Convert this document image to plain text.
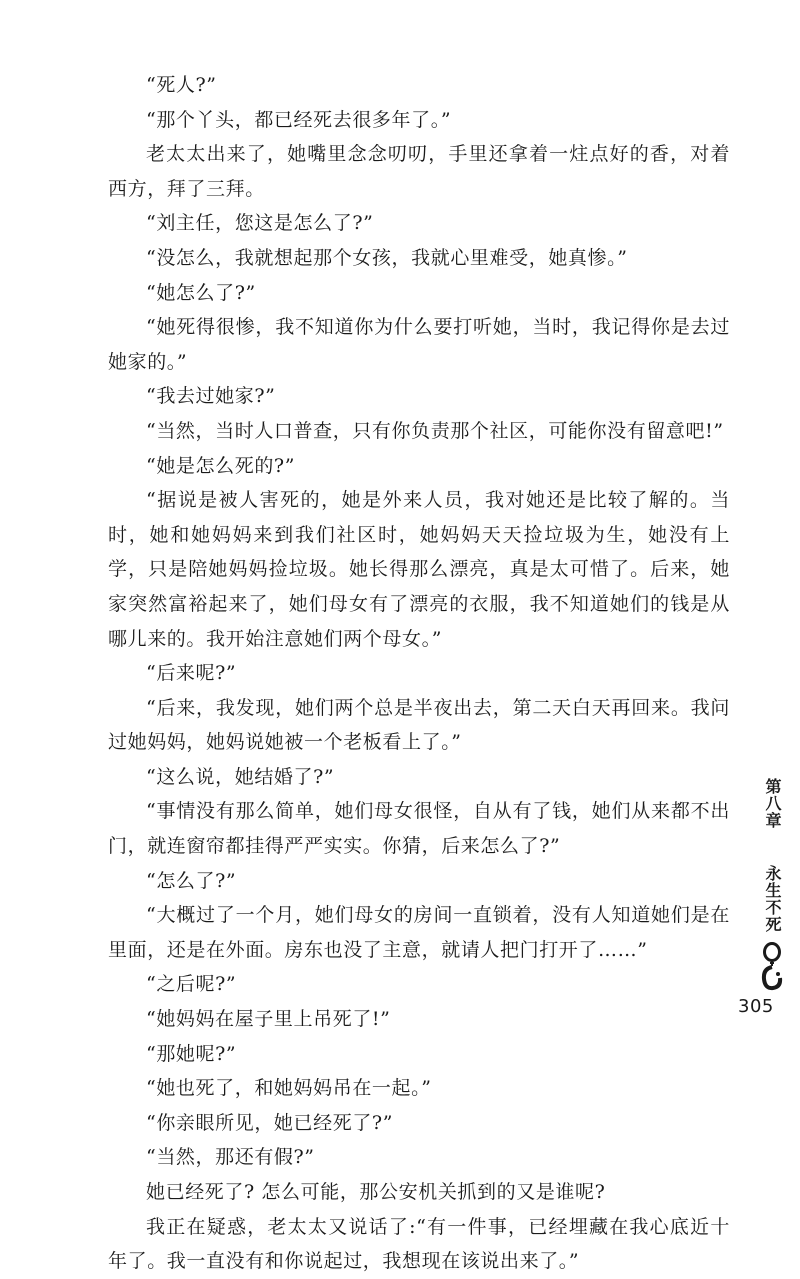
“死人?”

“那个丫头，都已经死去很多年了。”

老太太出来了，她嘴里念念叨叨，手里还拿着一炷点好的香，对着西方，拜了三拜。

“刘主任，您这是怎么了?”

“没怎么，我就想起那个女孩，我就心里难受，她真惨。”

“她怎么了?”

“她死得很惨，我不知道你为什么要打听她，当时，我记得你是去过她家的。”

“我去过她家?”

“当然，当时人口普查，只有你负责那个社区，可能你没有留意吧!”

“她是怎么死的?”

“据说是被人害死的，她是外来人员，我对她还是比较了解的。当时，她和她妈妈来到我们社区时，她妈妈天天捡垃圾为生，她没有上学，只是陪她妈妈捡垃圾。她长得那么漂亮，真是太可惜了。后来，她家突然富裕起来了，她们母女有了漂亮的衣服，我不知道她们的钱是从哪儿来的。我开始注意她们两个母女。”

“后来呢?”

“后来，我发现，她们两个总是半夜出去，第二天白天再回来。我问过她妈妈，她妈说她被一个老板看上了。”

“这么说，她结婚了?”

“事情没有那么简单，她们母女很怪，自从有了钱，她们从来都不出门，就连窗帘都挂得严严实实。你猜，后来怎么了?”

“怎么了?”

“大概过了一个月，她们母女的房间一直锁着，没有人知道她们是在里面，还是在外面。房东也没了主意，就请人把门打开了……”

“之后呢?”

“她妈妈在屋子里上吊死了!”

“那她呢?”

“她也死了，和她妈妈吊在一起。”

“你亲眼所见，她已经死了?”

“当然，那还有假?”

她已经死了? 怎么可能，那公安机关抓到的又是谁呢?

我正在疑惑，老太太又说话了:“有一件事，已经埋藏在我心底近十年了。我一直没有和你说起过，我想现在该说出来了。”

第八章
永生不死
305
